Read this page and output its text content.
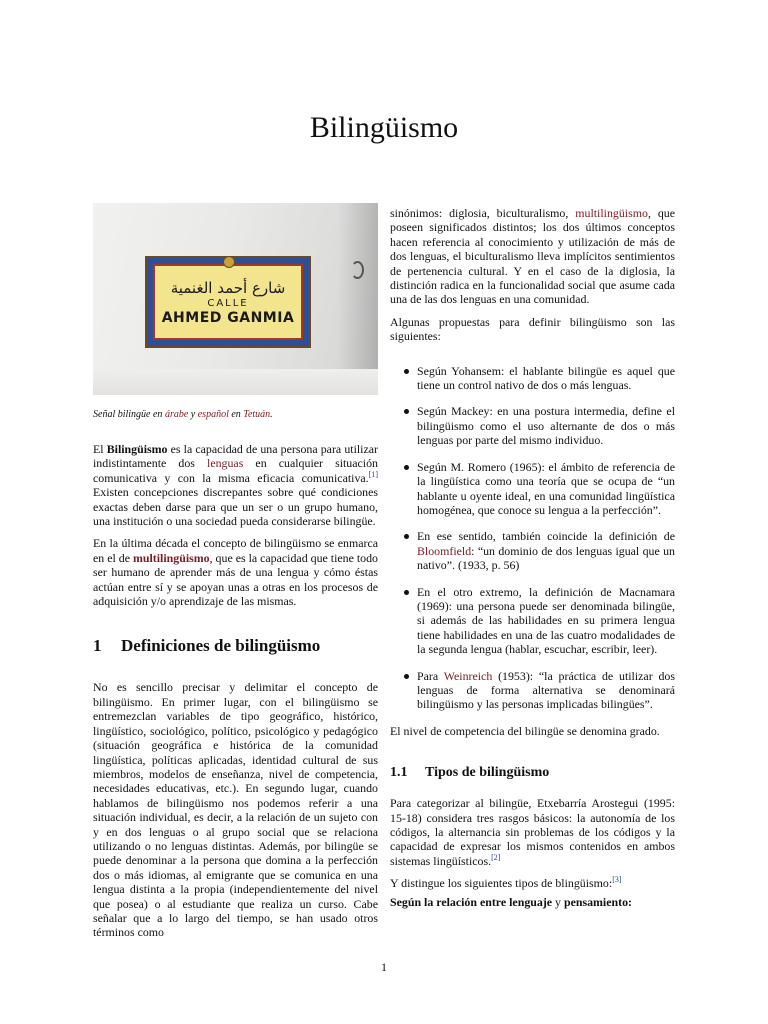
Bilingüismo
شارع أحمد الغنمية
CALLE
AHMED GANMIA
Señal bilingüe en árabe y español en Tetuán.

El Bilingüismo es la capacidad de una persona para utilizar indistintamente dos lenguas en cualquier situación comunicativa y con la misma eficacia comunicativa.[1] Existen concepciones discrepantes sobre qué condiciones exactas deben darse para que un ser o un grupo humano, una institución o una sociedad pueda considerarse bilingüe.

En la última década el concepto de bilingüismo se enmarca en el de multilingüismo, que es la capacidad que tiene todo ser humano de aprender más de una lengua y cómo éstas actúan entre sí y se apoyan unas a otras en los procesos de adquisición y/o aprendizaje de las mismas.

1 Definiciones de bilingüismo

No es sencillo precisar y delimitar el concepto de bilingüismo. En primer lugar, con el bilingüismo se entremezclan variables de tipo geográfico, histórico, lingüístico, sociológico, político, psicológico y pedagógico (situación geográfica e histórica de la comunidad lingüística, políticas aplicadas, identidad cultural de sus miembros, modelos de enseñanza, nivel de competencia, necesidades educativas, etc.). En segundo lugar, cuando hablamos de bilingüismo nos podemos referir a una situación individual, es decir, a la relación de un sujeto con y en dos lenguas o al grupo social que se relaciona utilizando o no lenguas distintas. Además, por bilingüe se puede denominar a la persona que domina a la perfección dos o más idiomas, al emigrante que se comunica en una lengua distinta a la propia (independientemente del nivel que posea) o al estudiante que realiza un curso. Cabe señalar que a lo largo del tiempo, se han usado otros términos como

sinónimos: diglosia, biculturalismo, multilingüismo, que poseen significados distintos; los dos últimos conceptos hacen referencia al conocimiento y utilización de más de dos lenguas, el biculturalismo lleva implícitos sentimientos de pertenencia cultural. Y en el caso de la diglosia, la distinción radica en la funcionalidad social que asume cada una de las dos lenguas en una comunidad.

Algunas propuestas para definir bilingüismo son las siguientes:

Según Yohansem: el hablante bilingüe es aquel que tiene un control nativo de dos o más lenguas.
Según Mackey: en una postura intermedia, define el bilingüismo como el uso alternante de dos o más lenguas por parte del mismo individuo.
Según M. Romero (1965): el ámbito de referencia de la lingüística como una teoría que se ocupa de “un hablante u oyente ideal, en una comunidad lingüística homogénea, que conoce su lengua a la perfección”.
En ese sentido, también coincide la definición de Bloomfield: “un dominio de dos lenguas igual que un nativo”. (1933, p. 56)
En el otro extremo, la definición de Macnamara (1969): una persona puede ser denominada bilingüe, si además de las habilidades en su primera lengua tiene habilidades en una de las cuatro modalidades de la segunda lengua (hablar, escuchar, escribir, leer).
Para Weinreich (1953): “la práctica de utilizar dos lenguas de forma alternativa se denominará bilingüismo y las personas implicadas bilingües”.

El nivel de competencia del bilingüe se denomina grado.

1.1 Tipos de bilingüismo

Para categorizar al bilingüe, Etxebarría Arostegui (1995: 15-18) considera tres rasgos básicos: la autonomía de los códigos, la alternancia sin problemas de los códigos y la capacidad de expresar los mismos contenidos en ambos sistemas lingüísticos.[2]

Y distingue los siguientes tipos de blingüismo:[3]

Según la relación entre lenguaje y pensamiento:

1
